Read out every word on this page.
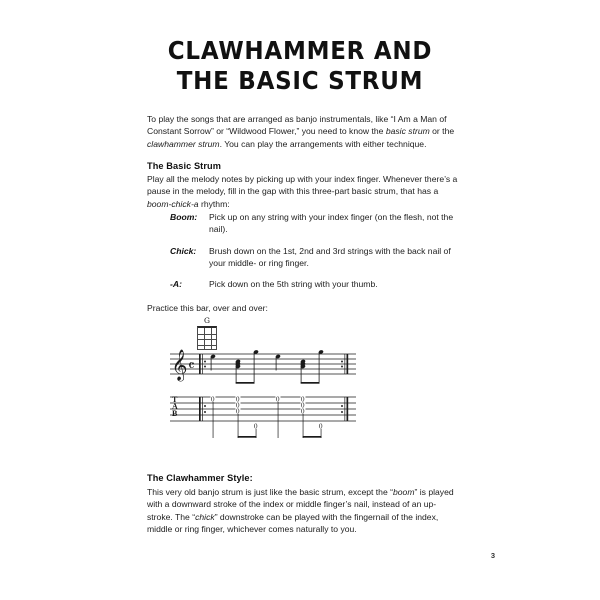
CLAWHAMMER AND
THE BASIC STRUM

To play the songs that are arranged as banjo instrumentals, like “I Am a Man of Constant Sorrow” or “Wildwood Flower,” you need to know the basic strum or the clawhammer strum. You can play the arrangements with either technique.

The Basic Strum

Play all the melody notes by picking up with your index finger. Whenever there’s a pause in the melody, fill in the gap with this three-part basic strum, that has a boom-chick-a rhythm:

Boom:	Pick up on any string with your index finger (on the flesh, not the nail).
Chick:	Brush down on the 1st, 2nd and 3rd strings with the back nail of your middle- or ring finger.
-A:	Pick down on the 5th string with your thumb.

Practice this bar, over and over:

G
𝄞 𝄴
T
A
B
0	0
0
0
0
0	0
0
0
0
The Clawhammer Style:

This very old banjo strum is just like the basic strum, except the “boom” is played with a downward stroke of the index or middle finger’s nail, instead of an up-stroke. The “chick” downstroke can be played with the fingernail of the index, middle or ring finger, whichever comes naturally to you.

3
